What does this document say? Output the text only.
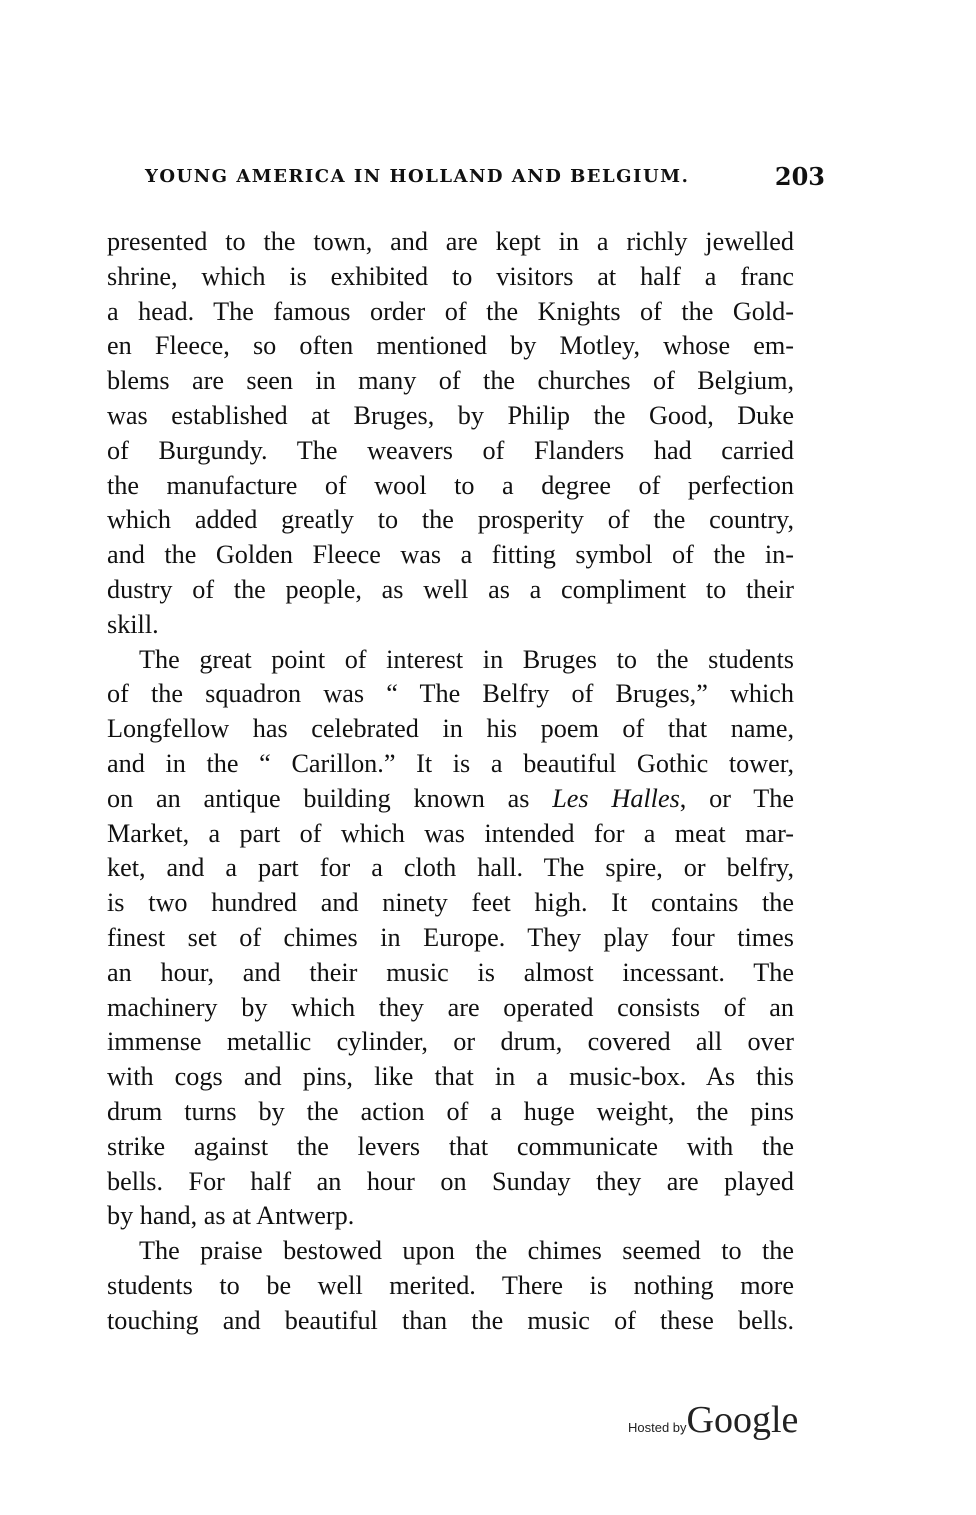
YOUNG AMERICA IN HOLLAND AND BELGIUM.	203
presented to the town, and are kept in a richly jewelled
shrine, which is exhibited to visitors at half a franc
a head. The famous order of the Knights of the Gold-
en Fleece, so often mentioned by Motley, whose em-
blems are seen in many of the churches of Belgium,
was established at Bruges, by Philip the Good, Duke
of Burgundy. The weavers of Flanders had carried
the manufacture of wool to a degree of perfection
which added greatly to the prosperity of the country,
and the Golden Fleece was a fitting symbol of the in-
dustry of the people, as well as a compliment to their
skill.
The great point of interest in Bruges to the students
of the squadron was “ The Belfry of Bruges,” which
Longfellow has celebrated in his poem of that name,
and in the “ Carillon.” It is a beautiful Gothic tower,
on an antique building known as Les Halles, or The
Market, a part of which was intended for a meat mar-
ket, and a part for a cloth hall. The spire, or belfry,
is two hundred and ninety feet high. It contains the
finest set of chimes in Europe. They play four times
an hour, and their music is almost incessant. The
machinery by which they are operated consists of an
immense metallic cylinder, or drum, covered all over
with cogs and pins, like that in a music-box. As this
drum turns by the action of a huge weight, the pins
strike against the levers that communicate with the
bells. For half an hour on Sunday they are played
by hand, as at Antwerp.
The praise bestowed upon the chimes seemed to the
students to be well merited. There is nothing more
touching and beautiful than the music of these bells.
Hosted byGoogle
